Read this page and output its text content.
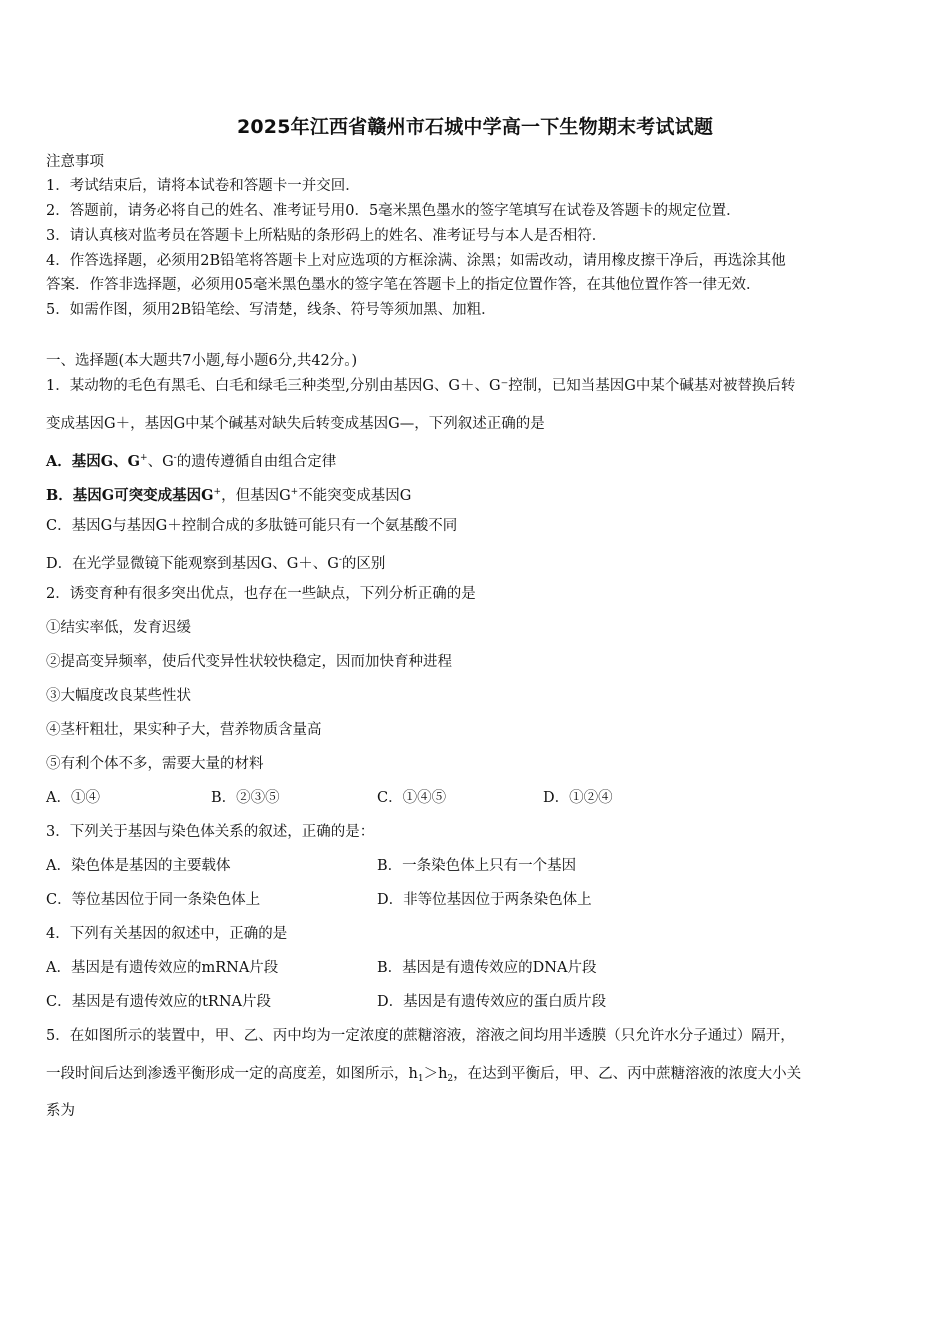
2025年江西省赣州市石城中学高一下生物期末考试试题
注意事项
1．考试结束后，请将本试卷和答题卡一并交回．
2．答题前，请务必将自己的姓名、准考证号用0．5毫米黑色墨水的签字笔填写在试卷及答题卡的规定位置．
3．请认真核对监考员在答题卡上所粘贴的条形码上的姓名、准考证号与本人是否相符．
4．作答选择题，必须用2B铅笔将答题卡上对应选项的方框涂满、涂黑；如需改动，请用橡皮擦干净后，再选涂其他
答案．作答非选择题，必须用05毫米黑色墨水的签字笔在答题卡上的指定位置作答，在其他位置作答一律无效．
5．如需作图，须用2B铅笔绘、写清楚，线条、符号等须加黑、加粗．
一、选择题(本大题共7小题,每小题6分,共42分。)
1．某动物的毛色有黑毛、白毛和绿毛三种类型,分别由基因G、G＋、G⁻控制，已知当基因G中某个碱基对被替换后转
变成基因G＋，基因G中某个碱基对缺失后转变成基因G—，下列叙述正确的是
A．基因G、G+、G-的遗传遵循自由组合定律
B．基因G可突变成基因G+，但基因G+不能突变成基因G
C．基因G与基因G＋控制合成的多肽链可能只有一个氨基酸不同
D．在光学显微镜下能观察到基因G、G＋、G-的区别
2．诱变育种有很多突出优点，也存在一些缺点，下列分析正确的是
①结实率低，发育迟缓
②提高变异频率，使后代变异性状较快稳定，因而加快育种进程
③大幅度改良某些性状
④茎杆粗壮，果实种子大，营养物质含量高
⑤有利个体不多，需要大量的材料
A．①④	B．②③⑤	C．①④⑤	D．①②④
3．下列关于基因与染色体关系的叙述，正确的是：
A．染色体是基因的主要载体	B．一条染色体上只有一个基因
C．等位基因位于同一条染色体上	D．非等位基因位于两条染色体上
4．下列有关基因的叙述中，正确的是
A．基因是有遗传效应的mRNA片段	B．基因是有遗传效应的DNA片段
C．基因是有遗传效应的tRNA片段	D．基因是有遗传效应的蛋白质片段
5．在如图所示的装置中，甲、乙、丙中均为一定浓度的蔗糖溶液，溶液之间均用半透膜（只允许水分子通过）隔开，
一段时间后达到渗透平衡形成一定的高度差，如图所示，$h_1>h_2$，在达到平衡后，甲、乙、丙中蔗糖溶液的浓度大小关
系为
